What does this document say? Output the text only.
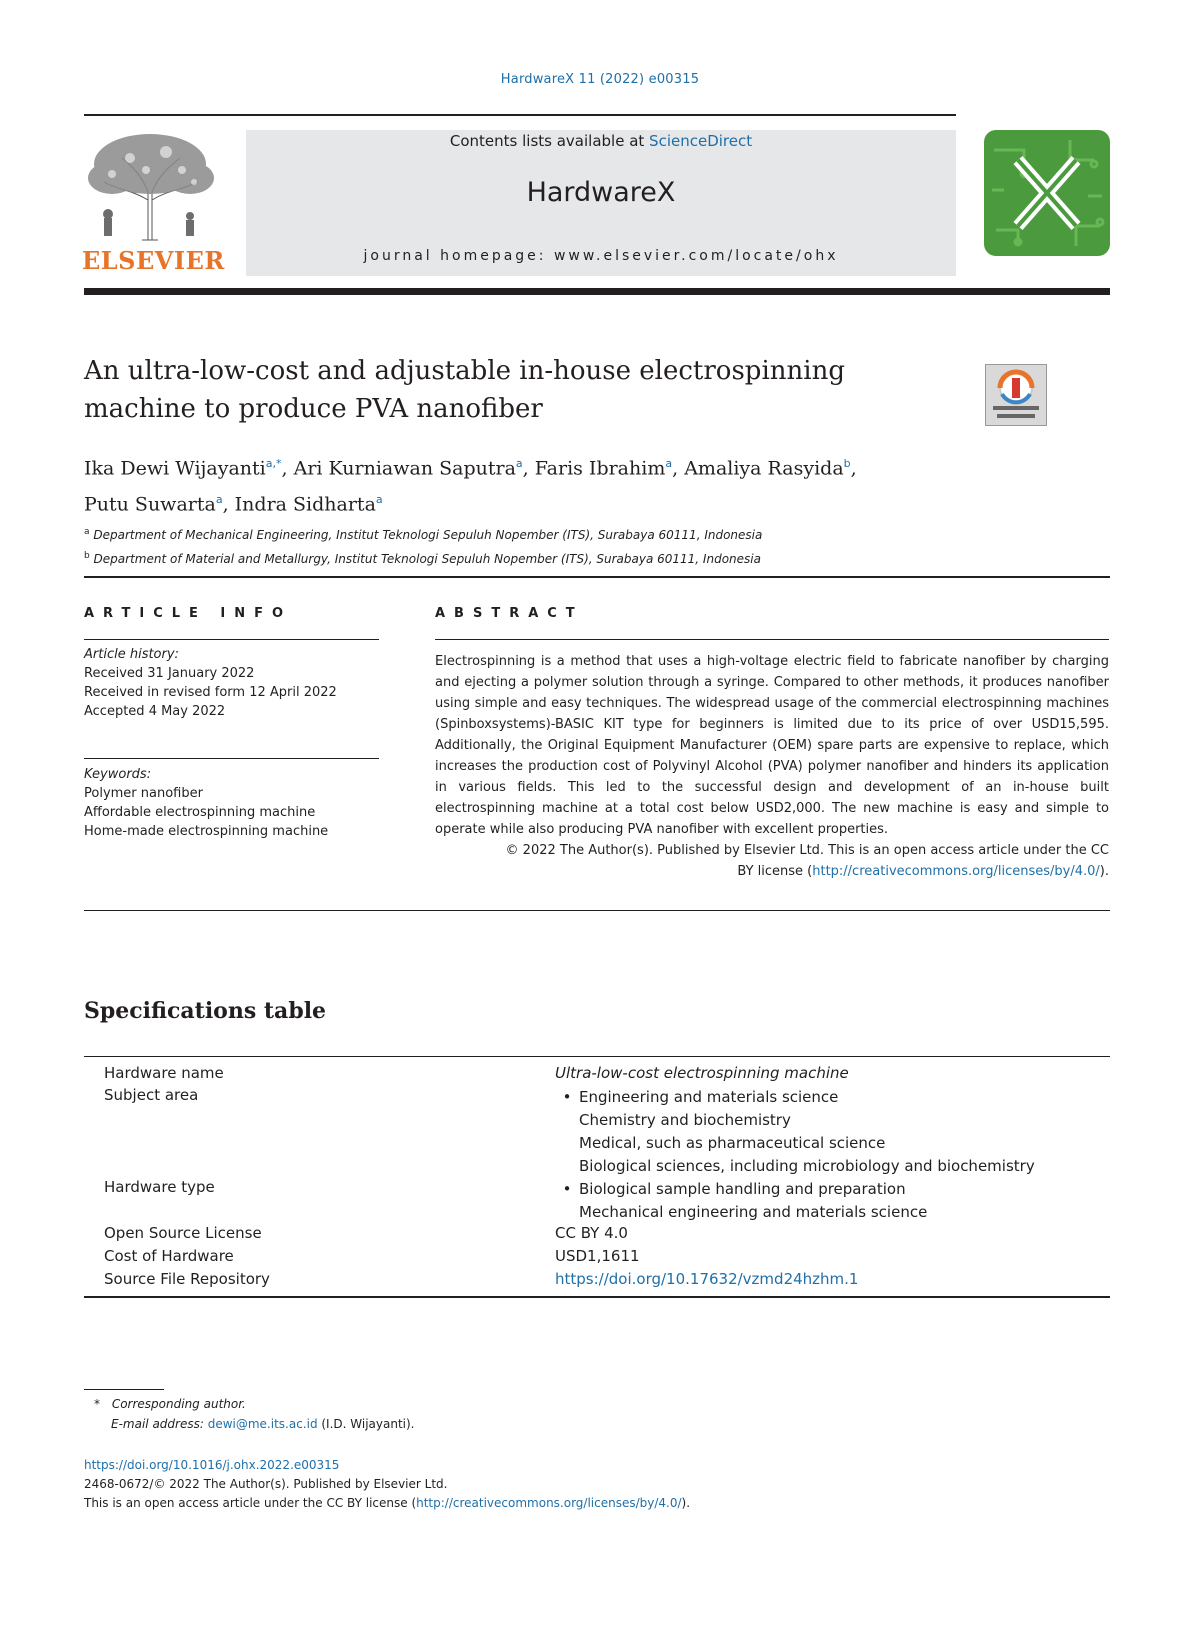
HardwareX 11 (2022) e00315
ELSEVIER
Contents lists available at ScienceDirect
HardwareX
journal homepage: www.elsevier.com/locate/ohx
An ultra-low-cost and adjustable in-house electrospinning
machine to produce PVA nanofiber
Ika Dewi Wijayanti$^{a,*}$, Ari Kurniawan Saputra$^a$, Faris Ibrahim$^a$, Amaliya Rasyida$^b$,
Putu Suwarta$^a$, Indra Sidharta$^a$
$^a$ Department of Mechanical Engineering, Institut Teknologi Sepuluh Nopember (ITS), Surabaya 60111, Indonesia
$^b$ Department of Material and Metallurgy, Institut Teknologi Sepuluh Nopember (ITS), Surabaya 60111, Indonesia
ARTICLE INFO
Article history:
Received 31 January 2022
Received in revised form 12 April 2022
Accepted 4 May 2022
Keywords:
Polymer nanofiber
Affordable electrospinning machine
Home-made electrospinning machine
ABSTRACT
Electrospinning is a method that uses a high-voltage electric field to fabricate nanofiber by charging and ejecting a polymer solution through a syringe. Compared to other methods, it produces nanofiber using simple and easy techniques. The widespread usage of the commercial electrospinning machines (Spinboxsystems)-BASIC KIT type for beginners is limited due to its price of over USD15,595. Additionally, the Original Equipment Manufacturer (OEM) spare parts are expensive to replace, which increases the production cost of Polyvinyl Alcohol (PVA) polymer nanofiber and hinders its application in various fields. This led to the successful design and development of an in-house built electrospinning machine at a total cost below USD2,000. The new machine is easy and simple to operate while also producing PVA nanofiber with excellent properties.
© 2022 The Author(s). Published by Elsevier Ltd. This is an open access article under the CC
BY license (http://creativecommons.org/licenses/by/4.0/).
Specifications table
Hardware name	Ultra-low-cost electrospinning machine
Subject area	• Engineering and materials science
Chemistry and biochemistry
Medical, such as pharmaceutical science
Biological sciences, including microbiology and biochemistry
Hardware type	• Biological sample handling and preparation
Mechanical engineering and materials science
Open Source License	CC BY 4.0
Cost of Hardware	USD1,1611
Source File Repository	https://doi.org/10.17632/vzmd24hzhm.1
* Corresponding author.
E-mail address: dewi@me.its.ac.id (I.D. Wijayanti).
https://doi.org/10.1016/j.ohx.2022.e00315
2468-0672/© 2022 The Author(s). Published by Elsevier Ltd.
This is an open access article under the CC BY license (http://creativecommons.org/licenses/by/4.0/).
